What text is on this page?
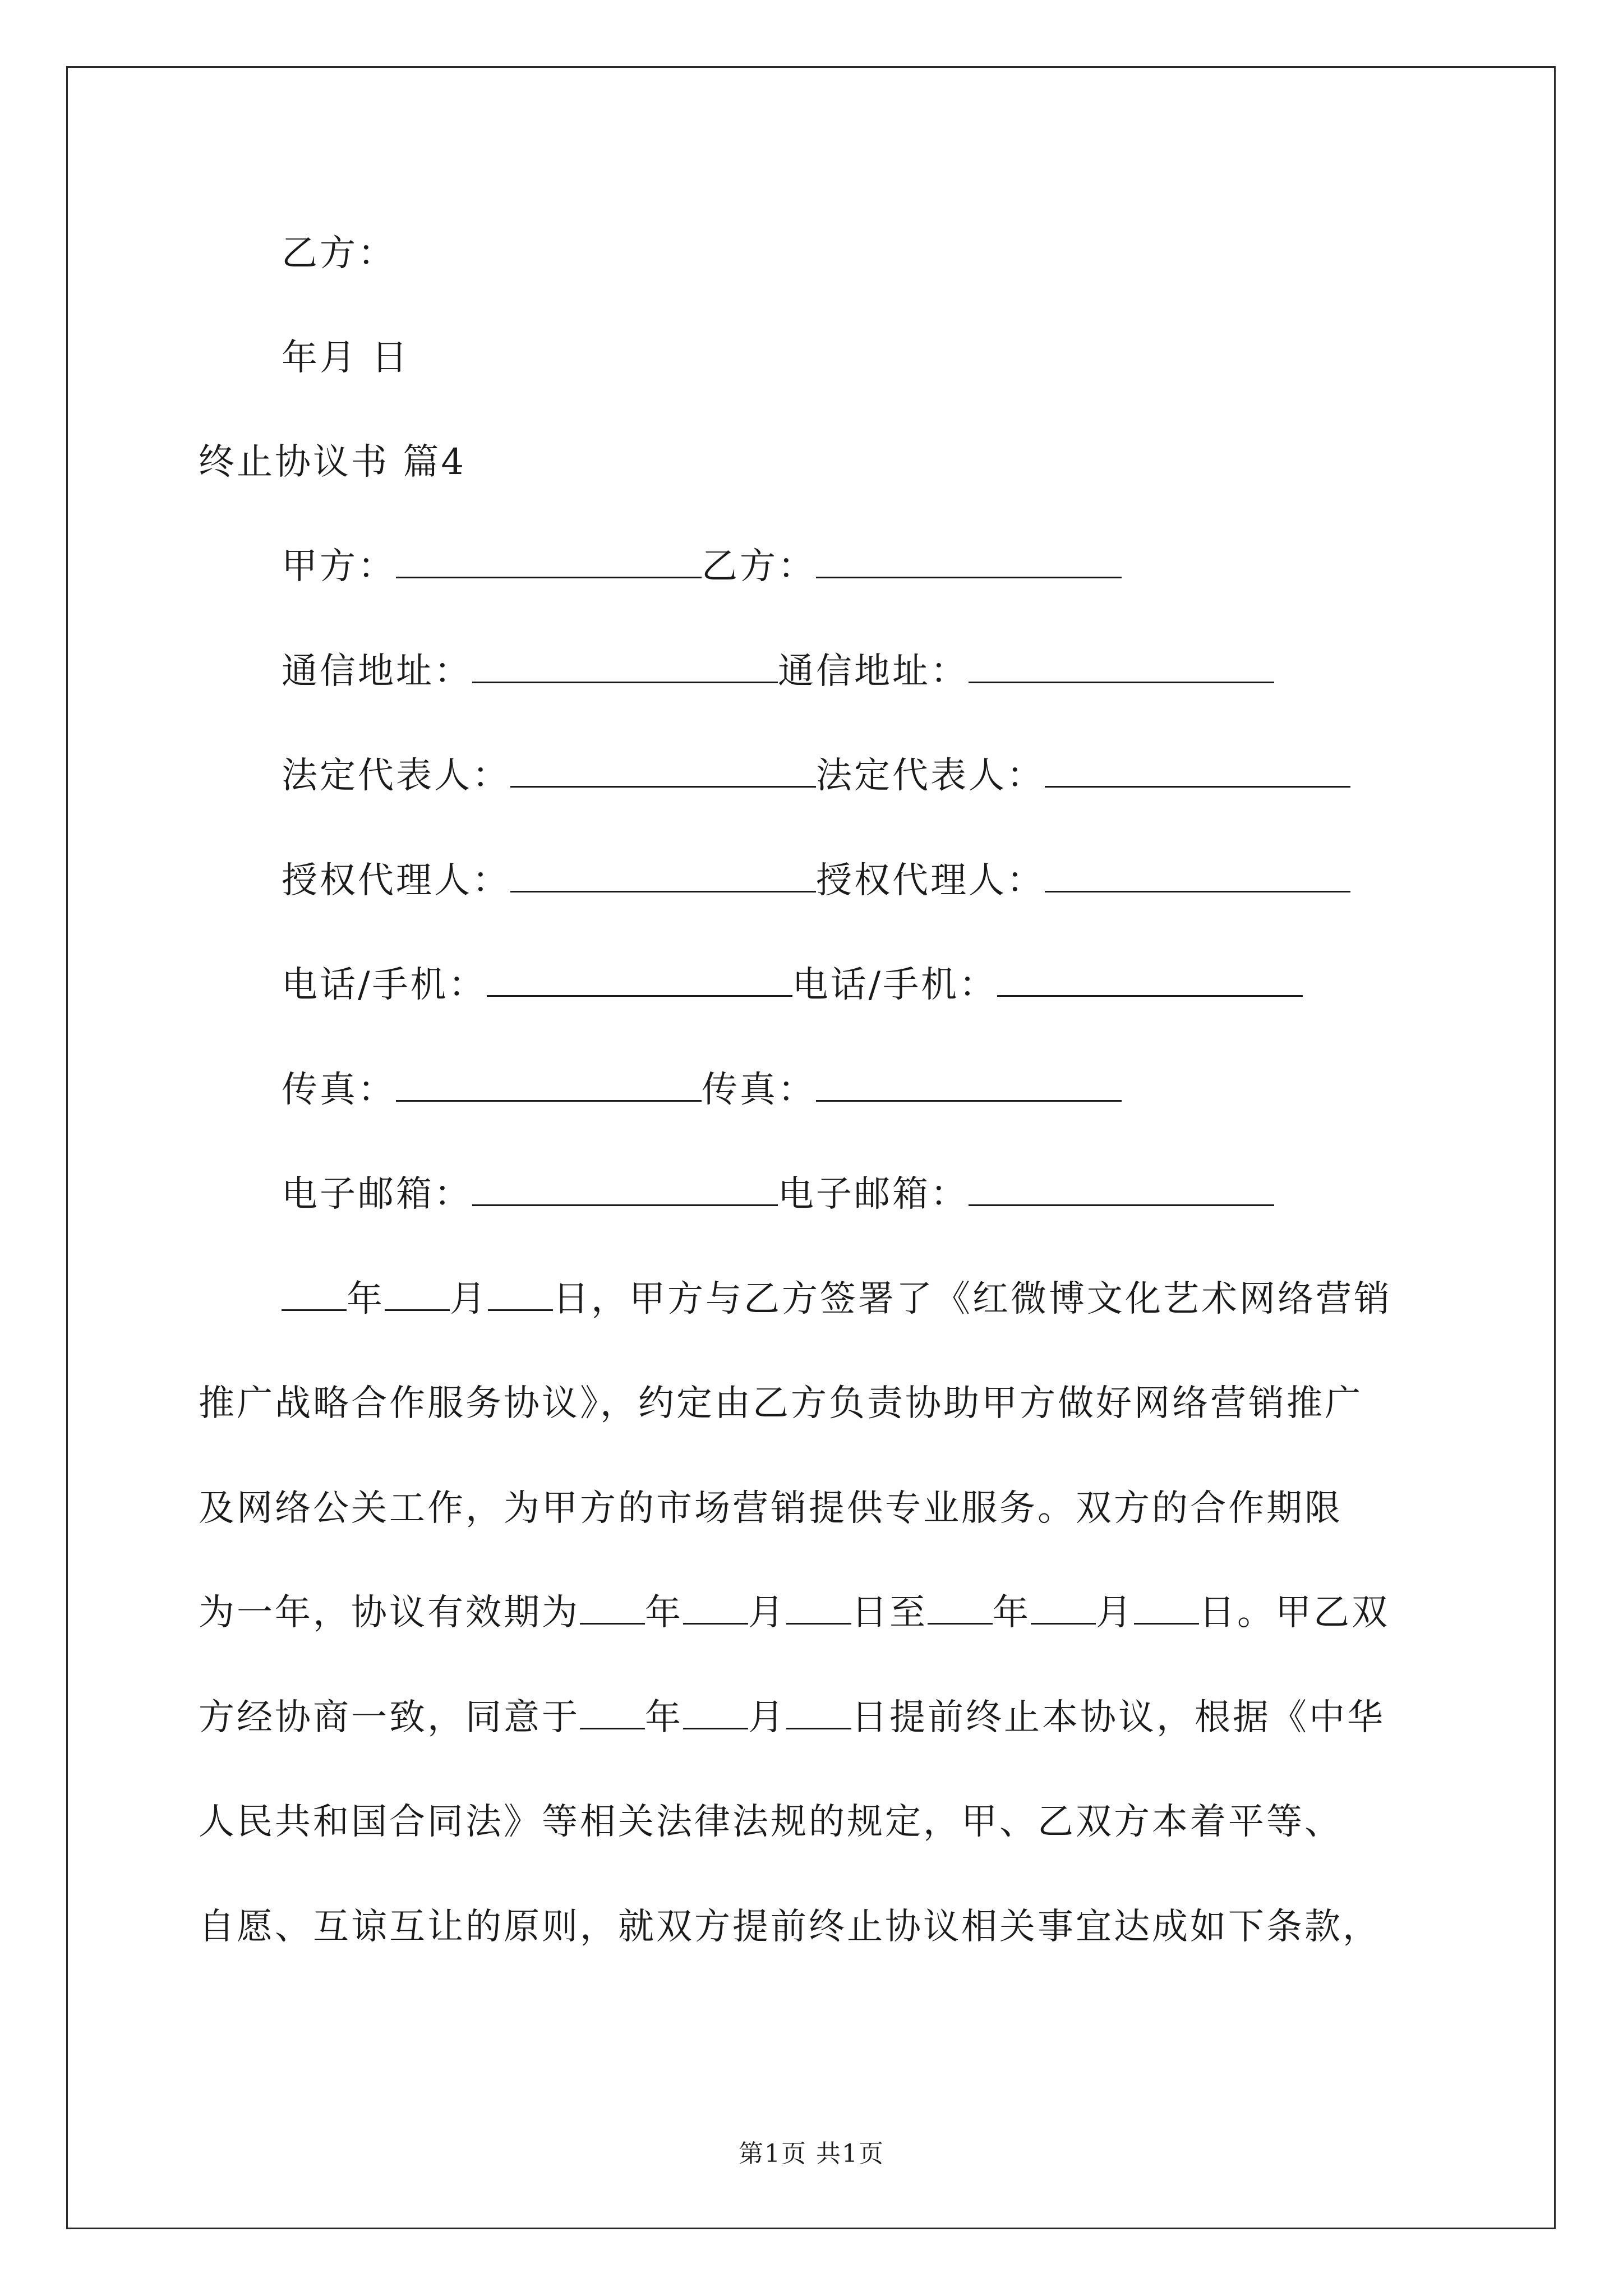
乙方：
年月 日
终止协议书 篇4
甲方：	乙方：
通信地址：	通信地址：
法定代表人：	法定代表人：
授权代理人：	授权代理人：
电话/手机：	电话/手机：
传真：	传真：
电子邮箱：	电子邮箱：
年 月 日，甲方与乙方签署了《红微博文化艺术网络营销
推广战略合作服务协议》，约定由乙方负责协助甲方做好网络营销推广
及网络公关工作，为甲方的市场营销提供专业服务。双方的合作期限
为一年，协议有效期为 年 月 日至 年 月 日。甲乙双
方经协商一致，同意于 年 月 日提前终止本协议，根据《中华
人民共和国合同法》等相关法律法规的规定，甲、乙双方本着平等、
自愿、互谅互让的原则，就双方提前终止协议相关事宜达成如下条款，
第1页 共1页
